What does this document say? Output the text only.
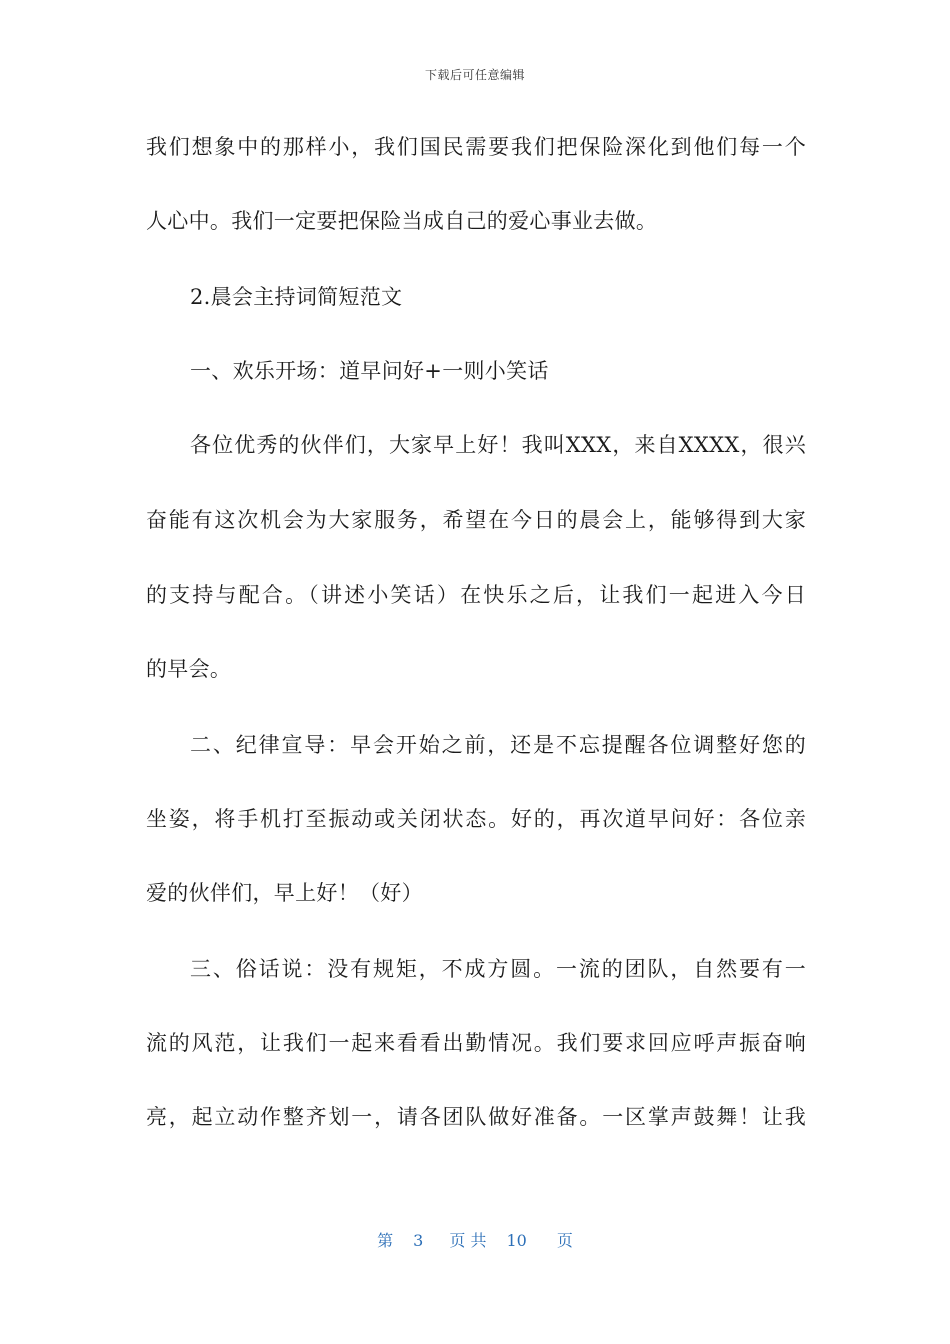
下载后可任意编辑
我们想象中的那样小，我们国民需要我们把保险深化到他们每一个
人心中。我们一定要把保险当成自己的爱心事业去做。
2.晨会主持词简短范文
一、欢乐开场：道早问好+一则小笑话
各位优秀的伙伴们，大家早上好！我叫XXX，来自XXXX，很兴
奋能有这次机会为大家服务，希望在今日的晨会上，能够得到大家
的支持与配合。（讲述小笑话）在快乐之后，让我们一起进入今日
的早会。
二、纪律宣导：早会开始之前，还是不忘提醒各位调整好您的
坐姿，将手机打至振动或关闭状态。好的，再次道早问好：各位亲
爱的伙伴们，早上好！（好）
三、俗话说：没有规矩，不成方圆。一流的团队，自然要有一
流的风范，让我们一起来看看出勤情况。我们要求回应呼声振奋响
亮，起立动作整齐划一，请各团队做好准备。一区掌声鼓舞！让我
第 3 页 共 10 页
